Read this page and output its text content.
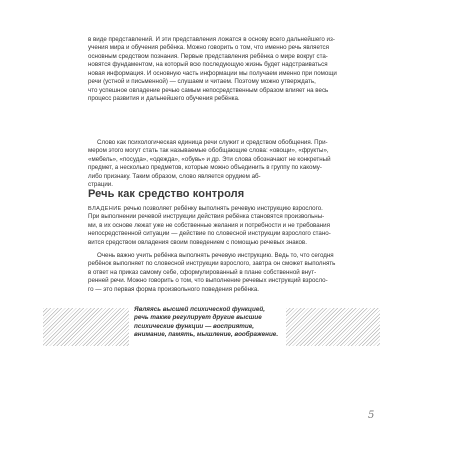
в виде представлений. И эти представления ложатся в основу всего дальнейшего из-

учения мира и обучения ребёнка. Можно говорить о том, что именно речь является

основным средством познания. Первые представления ребёнка о мире вокруг ста-

новятся фундаментом, на который всю последующую жизнь будет надстраиваться

новая информация. И основную часть информации мы получаем именно при помощи

речи (устной и письменной) — слушаем и читаем. Поэтому можно утверждать,

что успешное овладение речью самым непосредственным образом влияет на весь

процесс развития и дальнейшего обучения ребёнка.

Слово как психологическая единица речи служит и средством обобщения. При-

мером этого могут стать так называемые обобщающие слова: «овощи», «фрукты»,

«мебель», «посуда», «одежда», «обувь» и др. Эти слова обозначают не конкретный

предмет, а несколько предметов, которые можно объединить в группу по какому-

либо признаку. Таким образом, слово является орудием аб-

страции.

Речь как средство контроля

ВЛАДЕНИЕ речью позволяет ребёнку выполнять речевую инструкцию взрослого.

При выполнении речевой инструкции действия ребёнка становятся произвольны-

ми, в их основе лежат уже не собственные желания и потребности и не требования

непосредственной ситуации — действие по словесной инструкции взрослого стано-

вится средством овладения своим поведением с помощью речевых знаков.

Очень важно учить ребёнка выполнять речевую инструкцию. Ведь то, что сегодня

ребёнок выполняет по словесной инструкции взрослого, завтра он сможет выполнять

в ответ на приказ самому себе, сформулированный в плане собственной внут-

ренней речи. Можно говорить о том, что выполнение речевых инструкций взросло-

го — это первая форма произвольного поведения ребёнка.

Являясь высшей психической функцией,
речь также регулирует другие высшие
психические функции — восприятие,
внимание, память, мышление, воображение.
5
